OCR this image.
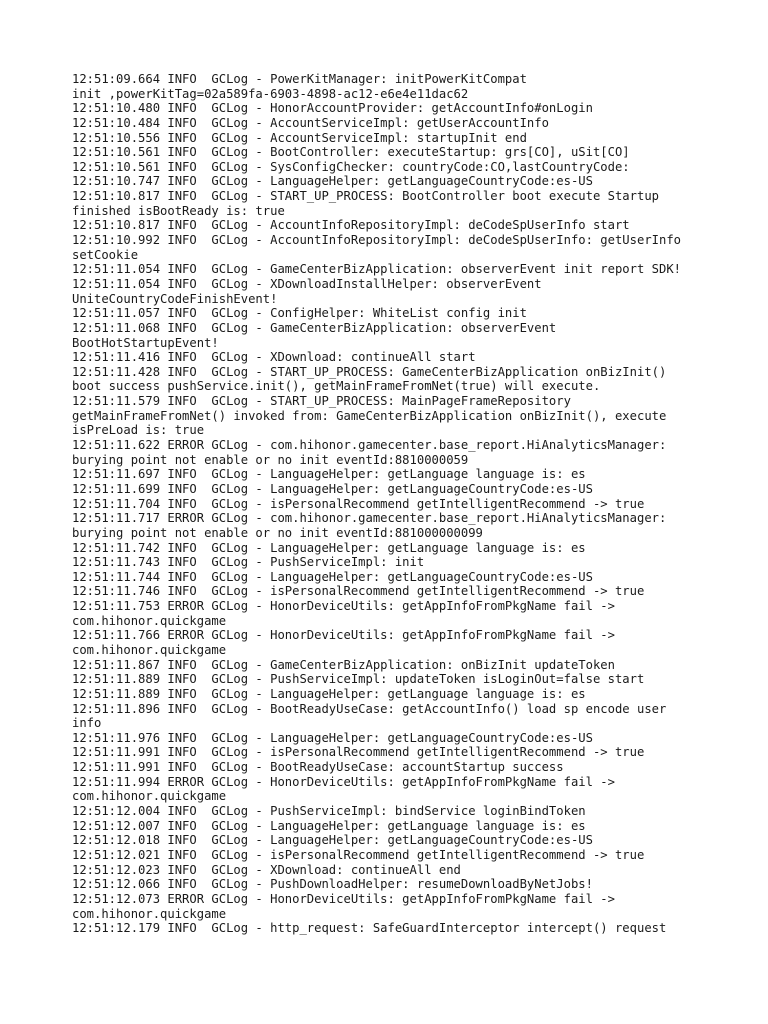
12:51:09.664 INFO  GCLog - PowerKitManager: initPowerKitCompat
init ,powerKitTag=02a589fa-6903-4898-ac12-e6e4e11dac62
12:51:10.480 INFO  GCLog - HonorAccountProvider: getAccountInfo#onLogin
12:51:10.484 INFO  GCLog - AccountServiceImpl: getUserAccountInfo
12:51:10.556 INFO  GCLog - AccountServiceImpl: startupInit end
12:51:10.561 INFO  GCLog - BootController: executeStartup: grs[CO], uSit[CO]
12:51:10.561 INFO  GCLog - SysConfigChecker: countryCode:CO,lastCountryCode:
12:51:10.747 INFO  GCLog - LanguageHelper: getLanguageCountryCode:es-US
12:51:10.817 INFO  GCLog - START_UP_PROCESS: BootController boot execute Startup
finished isBootReady is: true
12:51:10.817 INFO  GCLog - AccountInfoRepositoryImpl: deCodeSpUserInfo start
12:51:10.992 INFO  GCLog - AccountInfoRepositoryImpl: deCodeSpUserInfo: getUserInfo
setCookie
12:51:11.054 INFO  GCLog - GameCenterBizApplication: observerEvent init report SDK!
12:51:11.054 INFO  GCLog - XDownloadInstallHelper: observerEvent
UniteCountryCodeFinishEvent!
12:51:11.057 INFO  GCLog - ConfigHelper: WhiteList config init
12:51:11.068 INFO  GCLog - GameCenterBizApplication: observerEvent
BootHotStartupEvent!
12:51:11.416 INFO  GCLog - XDownload: continueAll start
12:51:11.428 INFO  GCLog - START_UP_PROCESS: GameCenterBizApplication onBizInit()
boot success pushService.init(), getMainFrameFromNet(true) will execute.
12:51:11.579 INFO  GCLog - START_UP_PROCESS: MainPageFrameRepository
getMainFrameFromNet() invoked from: GameCenterBizApplication onBizInit(), execute
isPreLoad is: true
12:51:11.622 ERROR GCLog - com.hihonor.gamecenter.base_report.HiAnalyticsManager:
burying point not enable or no init eventId:8810000059
12:51:11.697 INFO  GCLog - LanguageHelper: getLanguage language is: es
12:51:11.699 INFO  GCLog - LanguageHelper: getLanguageCountryCode:es-US
12:51:11.704 INFO  GCLog - isPersonalRecommend getIntelligentRecommend -> true
12:51:11.717 ERROR GCLog - com.hihonor.gamecenter.base_report.HiAnalyticsManager:
burying point not enable or no init eventId:881000000099
12:51:11.742 INFO  GCLog - LanguageHelper: getLanguage language is: es
12:51:11.743 INFO  GCLog - PushServiceImpl: init
12:51:11.744 INFO  GCLog - LanguageHelper: getLanguageCountryCode:es-US
12:51:11.746 INFO  GCLog - isPersonalRecommend getIntelligentRecommend -> true
12:51:11.753 ERROR GCLog - HonorDeviceUtils: getAppInfoFromPkgName fail ->
com.hihonor.quickgame
12:51:11.766 ERROR GCLog - HonorDeviceUtils: getAppInfoFromPkgName fail ->
com.hihonor.quickgame
12:51:11.867 INFO  GCLog - GameCenterBizApplication: onBizInit updateToken
12:51:11.889 INFO  GCLog - PushServiceImpl: updateToken isLoginOut=false start
12:51:11.889 INFO  GCLog - LanguageHelper: getLanguage language is: es
12:51:11.896 INFO  GCLog - BootReadyUseCase: getAccountInfo() load sp encode user
info
12:51:11.976 INFO  GCLog - LanguageHelper: getLanguageCountryCode:es-US
12:51:11.991 INFO  GCLog - isPersonalRecommend getIntelligentRecommend -> true
12:51:11.991 INFO  GCLog - BootReadyUseCase: accountStartup success
12:51:11.994 ERROR GCLog - HonorDeviceUtils: getAppInfoFromPkgName fail ->
com.hihonor.quickgame
12:51:12.004 INFO  GCLog - PushServiceImpl: bindService loginBindToken
12:51:12.007 INFO  GCLog - LanguageHelper: getLanguage language is: es
12:51:12.018 INFO  GCLog - LanguageHelper: getLanguageCountryCode:es-US
12:51:12.021 INFO  GCLog - isPersonalRecommend getIntelligentRecommend -> true
12:51:12.023 INFO  GCLog - XDownload: continueAll end
12:51:12.066 INFO  GCLog - PushDownloadHelper: resumeDownloadByNetJobs!
12:51:12.073 ERROR GCLog - HonorDeviceUtils: getAppInfoFromPkgName fail ->
com.hihonor.quickgame
12:51:12.179 INFO  GCLog - http_request: SafeGuardInterceptor intercept() request
